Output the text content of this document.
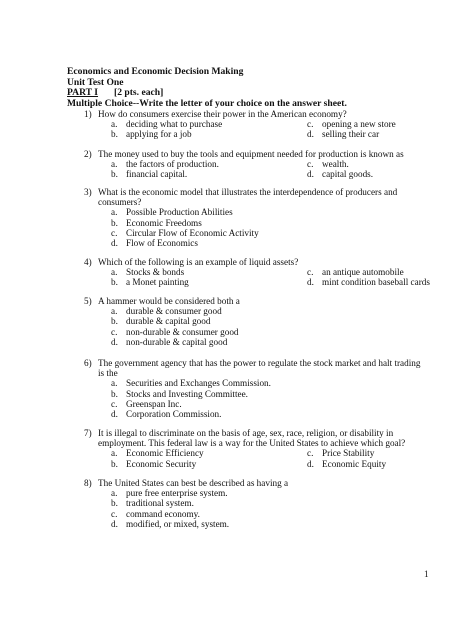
Economics and Economic Decision Making
Unit Test One
PART I	[2 pts. each]
Multiple Choice--Write the letter of your choice on the answer sheet.
1) How do consumers exercise their power in the American economy?
a. deciding what to purchase	c. opening a new store
b. applying for a job	d. selling their car
2) The money used to buy the tools and equipment needed for production is known as
a. the factors of production.	c. wealth.
b. financial capital.	d. capital goods.
3) What is the economic model that illustrates the interdependence of producers and consumers?
a. Possible Production Abilities
b. Economic Freedoms
c. Circular Flow of Economic Activity
d. Flow of Economics
4) Which of the following is an example of liquid assets?
a. Stocks & bonds	c. an antique automobile
b. a Monet painting	d. mint condition baseball cards
5) A hammer would be considered both a
a. durable & consumer good
b. durable & capital good
c. non-durable & consumer good
d. non-durable & capital good
6) The government agency that has the power to regulate the stock market and halt trading is the
a. Securities and Exchanges Commission.
b. Stocks and Investing Committee.
c. Greenspan Inc.
d. Corporation Commission.
7) It is illegal to discriminate on the basis of age, sex, race, religion, or disability in employment. This federal law is a way for the United States to achieve which goal?
a. Economic Efficiency	c. Price Stability
b. Economic Security	d. Economic Equity
8) The United States can best be described as having a
a. pure free enterprise system.
b. traditional system.
c. command economy.
d. modified, or mixed, system.
1
